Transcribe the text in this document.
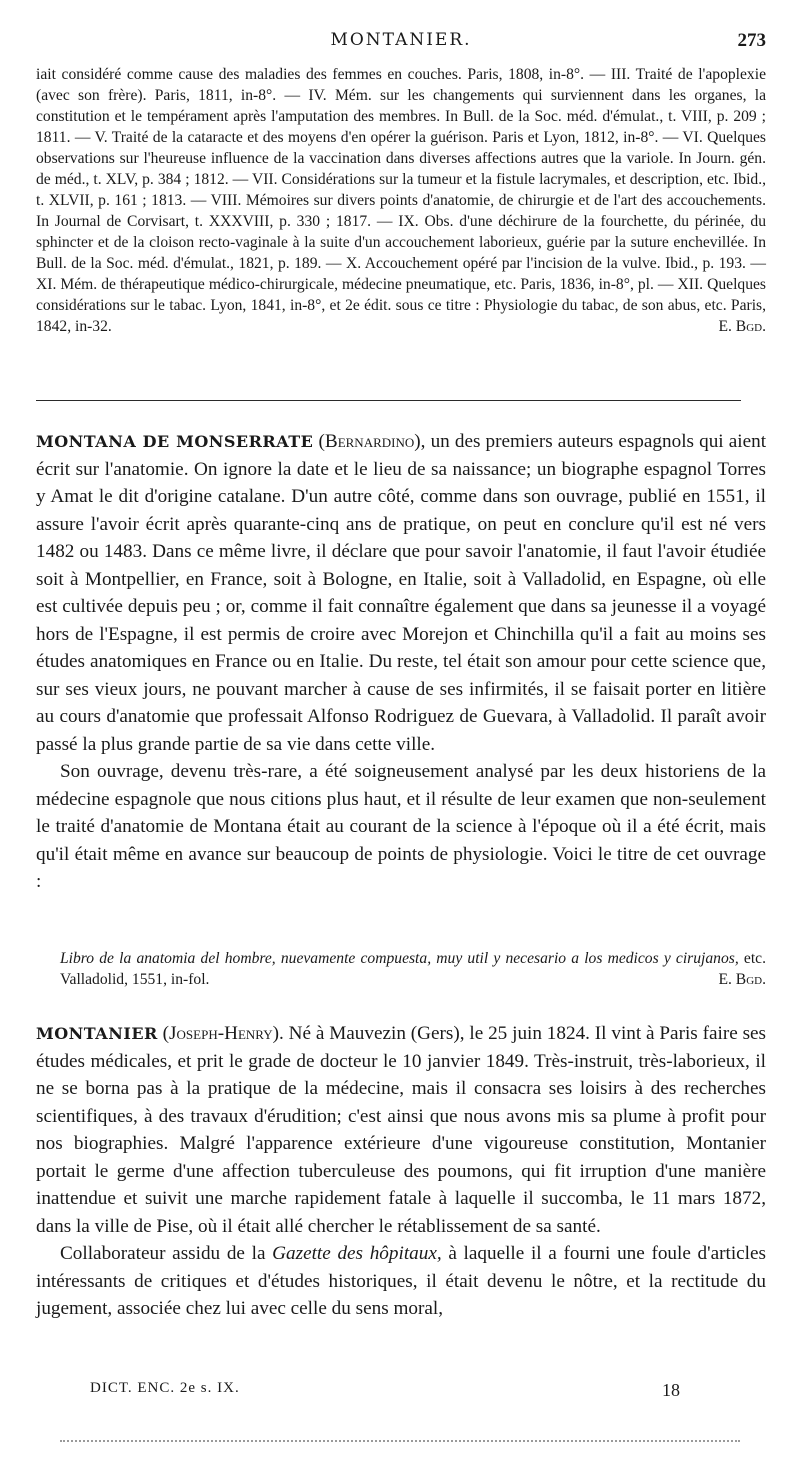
MONTANIER.	273

iait considéré comme cause des maladies des femmes en couches. Paris, 1808, in-8°. — III. Traité de l'apoplexie (avec son frère). Paris, 1811, in-8°. — IV. Mém. sur les changements qui surviennent dans les organes, la constitution et le tempérament après l'amputation des membres. In Bull. de la Soc. méd. d'émulat., t. VIII, p. 209 ; 1811. — V. Traité de la cataracte et des moyens d'en opérer la guérison. Paris et Lyon, 1812, in-8°. — VI. Quelques observations sur l'heureuse influence de la vaccination dans diverses affections autres que la variole. In Journ. gén. de méd., t. XLV, p. 384 ; 1812. — VII. Considérations sur la tumeur et la fistule lacrymales, et description, etc. Ibid., t. XLVII, p. 161 ; 1813. — VIII. Mémoires sur divers points d'anatomie, de chirurgie et de l'art des accouchements. In Journal de Corvisart, t. XXXVIII, p. 330 ; 1817. — IX. Obs. d'une déchirure de la fourchette, du périnée, du sphincter et de la cloison recto-vaginale à la suite d'un accouchement laborieux, guérie par la suture enchevillée. In Bull. de la Soc. méd. d'émulat., 1821, p. 189. — X. Accouchement opéré par l'incision de la vulve. Ibid., p. 193. — XI. Mém. de thérapeutique médico-chirurgicale, médecine pneumatique, etc. Paris, 1836, in-8°, pl. — XII. Quelques considérations sur le tabac. Lyon, 1841, in-8°, et 2e édit. sous ce titre : Physiologie du tabac, de son abus, etc. Paris, 1842, in-32.	E. Bgd.

MONTANA DE MONSERRATE (Bernardino), un des premiers auteurs espagnols qui aient écrit sur l'anatomie. On ignore la date et le lieu de sa naissance; un biographe espagnol Torres y Amat le dit d'origine catalane. D'un autre côté, comme dans son ouvrage, publié en 1551, il assure l'avoir écrit après quarante-cinq ans de pratique, on peut en conclure qu'il est né vers 1482 ou 1483. Dans ce même livre, il déclare que pour savoir l'anatomie, il faut l'avoir étudiée soit à Montpellier, en France, soit à Bologne, en Italie, soit à Valladolid, en Espagne, où elle est cultivée depuis peu ; or, comme il fait connaître également que dans sa jeunesse il a voyagé hors de l'Espagne, il est permis de croire avec Morejon et Chinchilla qu'il a fait au moins ses études anatomiques en France ou en Italie. Du reste, tel était son amour pour cette science que, sur ses vieux jours, ne pouvant marcher à cause de ses infirmités, il se faisait porter en litière au cours d'anatomie que professait Alfonso Rodriguez de Guevara, à Valladolid. Il paraît avoir passé la plus grande partie de sa vie dans cette ville.

Son ouvrage, devenu très-rare, a été soigneusement analysé par les deux historiens de la médecine espagnole que nous citions plus haut, et il résulte de leur examen que non-seulement le traité d'anatomie de Montana était au courant de la science à l'époque où il a été écrit, mais qu'il était même en avance sur beaucoup de points de physiologie. Voici le titre de cet ouvrage :

Libro de la anatomia del hombre, nuevamente compuesta, muy util y necesario a los medicos y cirujanos, etc. Valladolid, 1551, in-fol.	E. Bgd.

MONTANIER (Joseph-Henry). Né à Mauvezin (Gers), le 25 juin 1824. Il vint à Paris faire ses études médicales, et prit le grade de docteur le 10 janvier 1849. Très-instruit, très-laborieux, il ne se borna pas à la pratique de la médecine, mais il consacra ses loisirs à des recherches scientifiques, à des travaux d'érudition; c'est ainsi que nous avons mis sa plume à profit pour nos biographies. Malgré l'apparence extérieure d'une vigoureuse constitution, Montanier portait le germe d'une affection tuberculeuse des poumons, qui fit irruption d'une manière inattendue et suivit une marche rapidement fatale à laquelle il succomba, le 11 mars 1872, dans la ville de Pise, où il était allé chercher le rétablissement de sa santé.

Collaborateur assidu de la Gazette des hôpitaux, à laquelle il a fourni une foule d'articles intéressants de critiques et d'études historiques, il était devenu le nôtre, et la rectitude du jugement, associée chez lui avec celle du sens moral,

DICT. ENC. 2e s. IX.	18
